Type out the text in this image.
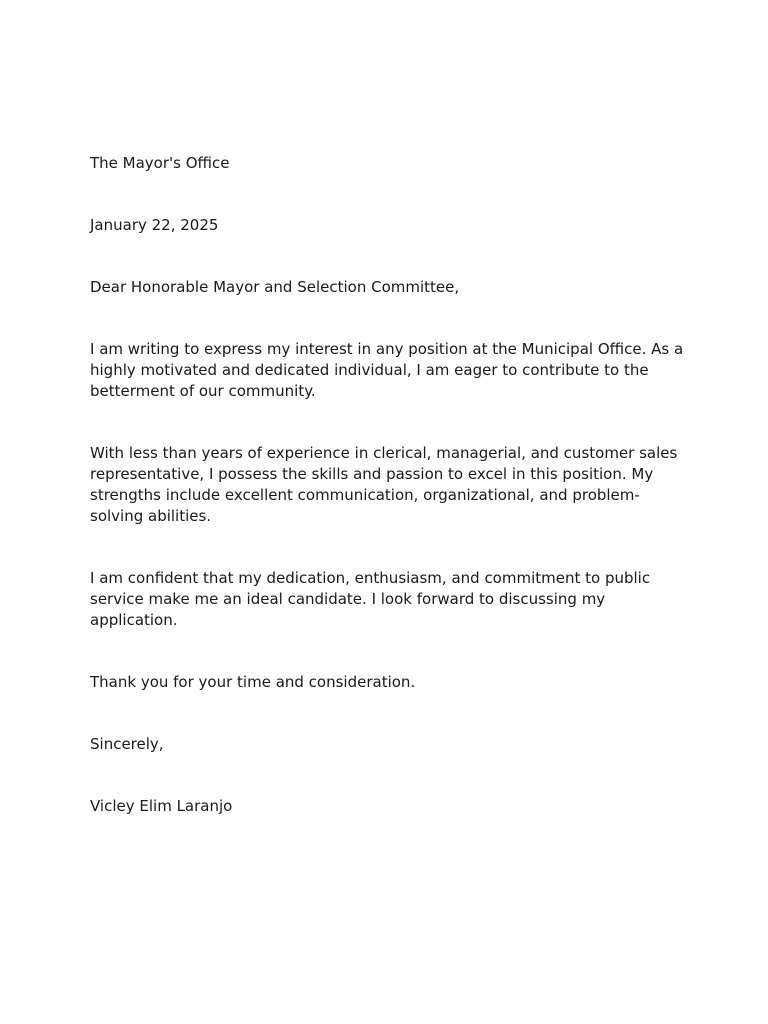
The Mayor's Office

January 22, 2025

Dear Honorable Mayor and Selection Committee,

I am writing to express my interest in any position at the Municipal Office. As a highly motivated and dedicated individual, I am eager to contribute to the betterment of our community.

With less than years of experience in clerical, managerial, and customer sales representative, I possess the skills and passion to excel in this position. My strengths include excellent communication, organizational, and problem-solving abilities.

I am confident that my dedication, enthusiasm, and commitment to public service make me an ideal candidate. I look forward to discussing my application.

Thank you for your time and consideration.

Sincerely,

Vicley Elim Laranjo
